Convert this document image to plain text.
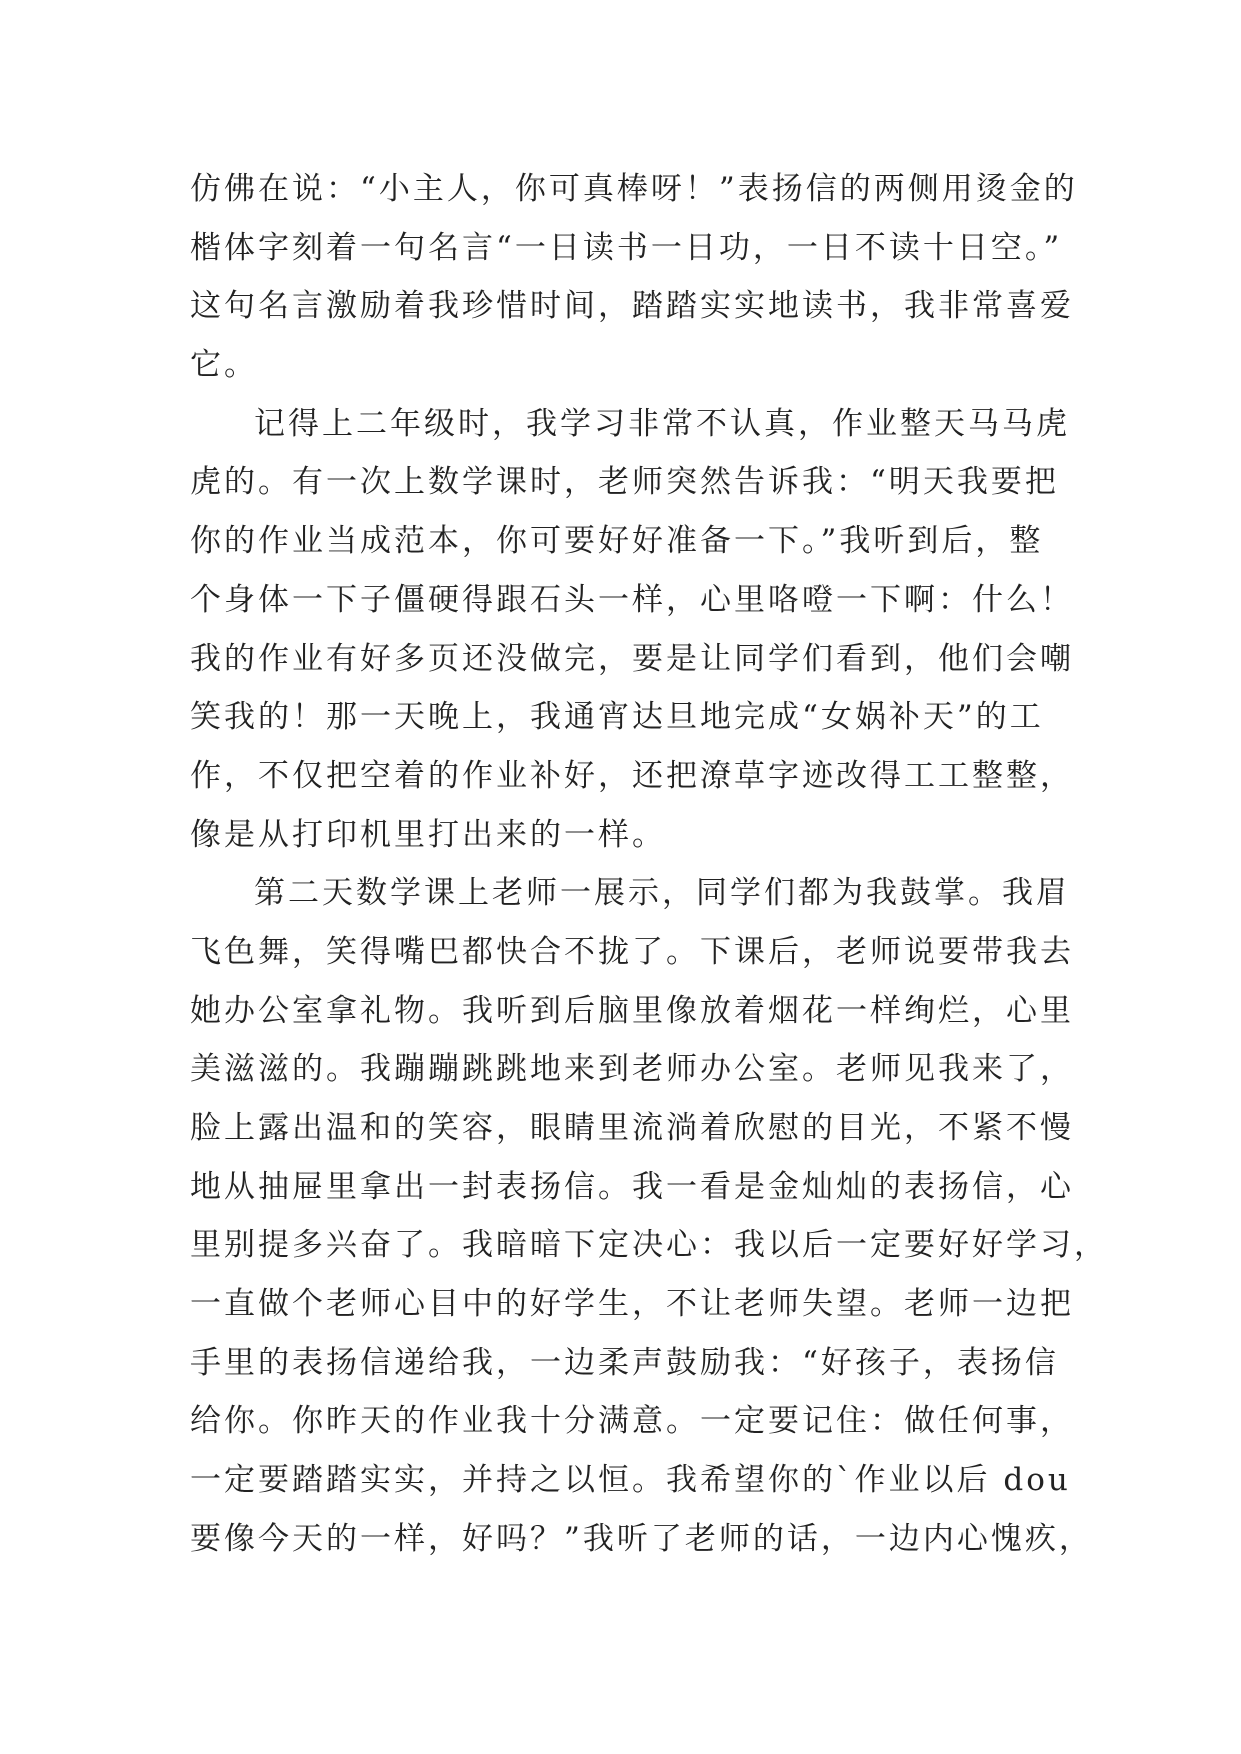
仿佛在说：“小主人，你可真棒呀！”表扬信的两侧用烫金的
楷体字刻着一句名言“一日读书一日功，一日不读十日空。”
这句名言激励着我珍惜时间，踏踏实实地读书，我非常喜爱
它。
记得上二年级时，我学习非常不认真，作业整天马马虎
虎的。有一次上数学课时，老师突然告诉我：“明天我要把
你的作业当成范本，你可要好好准备一下。”我听到后，整
个身体一下子僵硬得跟石头一样，心里咯噔一下啊：什么！
我的作业有好多页还没做完，要是让同学们看到，他们会嘲
笑我的！那一天晚上，我通宵达旦地完成“女娲补天”的工
作，不仅把空着的作业补好，还把潦草字迹改得工工整整，
像是从打印机里打出来的一样。
第二天数学课上老师一展示，同学们都为我鼓掌。我眉
飞色舞，笑得嘴巴都快合不拢了。下课后，老师说要带我去
她办公室拿礼物。我听到后脑里像放着烟花一样绚烂，心里
美滋滋的。我蹦蹦跳跳地来到老师办公室。老师见我来了，
脸上露出温和的笑容，眼睛里流淌着欣慰的目光，不紧不慢
地从抽屉里拿出一封表扬信。我一看是金灿灿的表扬信，心
里别提多兴奋了。我暗暗下定决心：我以后一定要好好学习，
一直做个老师心目中的好学生，不让老师失望。老师一边把
手里的表扬信递给我，一边柔声鼓励我：“好孩子，表扬信
给你。你昨天的作业我十分满意。一定要记住：做任何事，
一定要踏踏实实，并持之以恒。我希望你的`作业以后 dou
要像今天的一样，好吗？”我听了老师的话，一边内心愧疚，
